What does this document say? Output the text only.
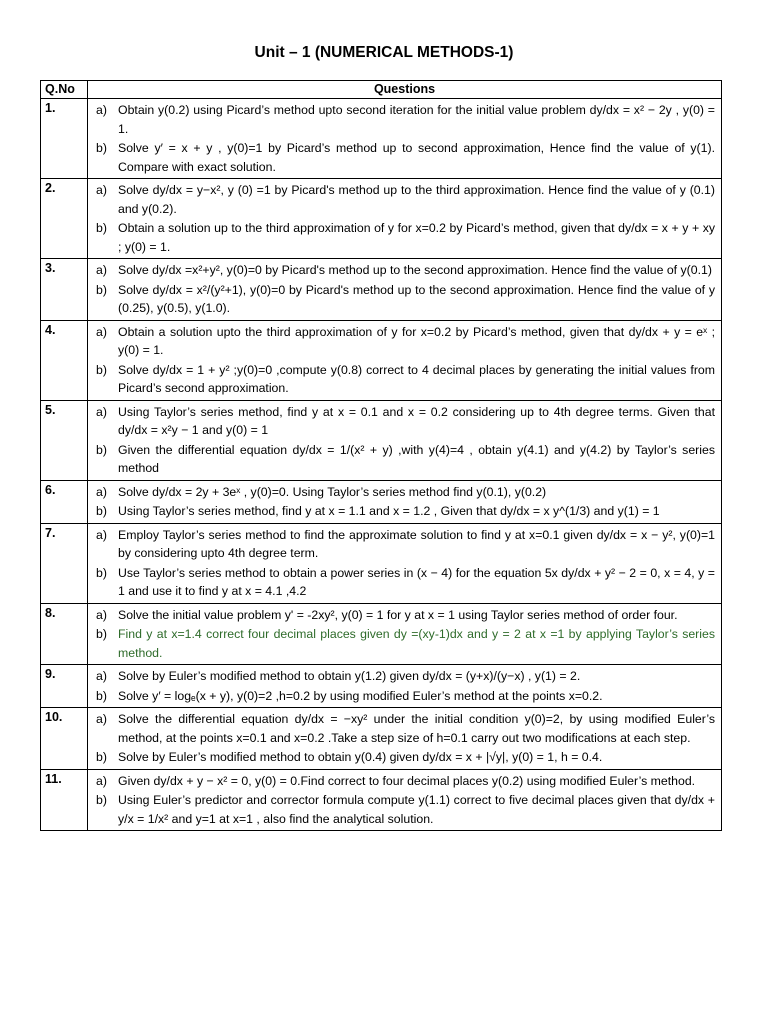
Unit – 1 (NUMERICAL METHODS-1)
Q.No	Questions
1.	a) Obtain y(0.2) using Picard’s method upto second iteration for the initial value problem dy/dx = x² − 2y , y(0) = 1.
b) Solve y′ = x + y , y(0)=1 by Picard’s method up to second approximation, Hence find the value of y(1). Compare with exact solution.

2.	a) Solve dy/dx = y−x², y (0) =1 by Picard's method up to the third approximation. Hence find the value of y (0.1) and y(0.2).
b) Obtain a solution up to the third approximation of y for x=0.2 by Picard’s method, given that dy/dx = x + y + xy ; y(0) = 1.

3.	a) Solve dy/dx =x²+y², y(0)=0 by Picard's method up to the second approximation. Hence find the value of y(0.1)
b) Solve dy/dx = x²/(y²+1), y(0)=0 by Picard's method up to the second approximation. Hence find the value of y (0.25), y(0.5), y(1.0).

4.	a) Obtain a solution upto the third approximation of y for x=0.2 by Picard’s method, given that dy/dx + y = eˣ ; y(0) = 1.
b) Solve dy/dx = 1 + y² ;y(0)=0 ,compute y(0.8) correct to 4 decimal places by generating the initial values from Picard’s second approximation.

5.	a) Using Taylor’s series method, find y at x = 0.1 and x = 0.2 considering up to 4th degree terms. Given that dy/dx = x²y − 1 and y(0) = 1
b) Given the differential equation dy/dx = 1/(x² + y) ,with y(4)=4 , obtain y(4.1) and y(4.2) by Taylor’s series method

6.	a) Solve dy/dx = 2y + 3eˣ , y(0)=0. Using Taylor’s series method find y(0.1), y(0.2)
b) Using Taylor’s series method, find y at x = 1.1 and x = 1.2 , Given that dy/dx = x y^(1/3) and y(1) = 1

7.	a) Employ Taylor’s series method to find the approximate solution to find y at x=0.1 given dy/dx = x − y², y(0)=1 by considering upto 4th degree term.
b) Use Taylor’s series method to obtain a power series in (x − 4) for the equation 5x dy/dx + y² − 2 = 0, x = 4, y = 1 and use it to find y at x = 4.1 ,4.2

8.	a) Solve the initial value problem y' = -2xy², y(0) = 1 for y at x = 1 using Taylor series method of order four.
b) Find y at x=1.4 correct four decimal places given dy =(xy-1)dx and y = 2 at x =1 by applying Taylor’s series method.

9.	a) Solve by Euler’s modified method to obtain y(1.2) given dy/dx = (y+x)/(y−x) , y(1) = 2.
b) Solve y′ = logₑ(x + y), y(0)=2 ,h=0.2 by using modified Euler’s method at the points x=0.2.

10.	a) Solve the differential equation dy/dx = −xy² under the initial condition y(0)=2, by using modified Euler’s method, at the points x=0.1 and x=0.2 .Take a step size of h=0.1 carry out two modifications at each step.
b) Solve by Euler’s modified method to obtain y(0.4) given dy/dx = x + |√y|, y(0) = 1, h = 0.4.

11.	a) Given dy/dx + y − x² = 0, y(0) = 0.Find correct to four decimal places y(0.2) using modified Euler’s method.
b) Using Euler’s predictor and corrector formula compute y(1.1) correct to five decimal places given that dy/dx + y/x = 1/x² and y=1 at x=1 , also find the analytical solution.
